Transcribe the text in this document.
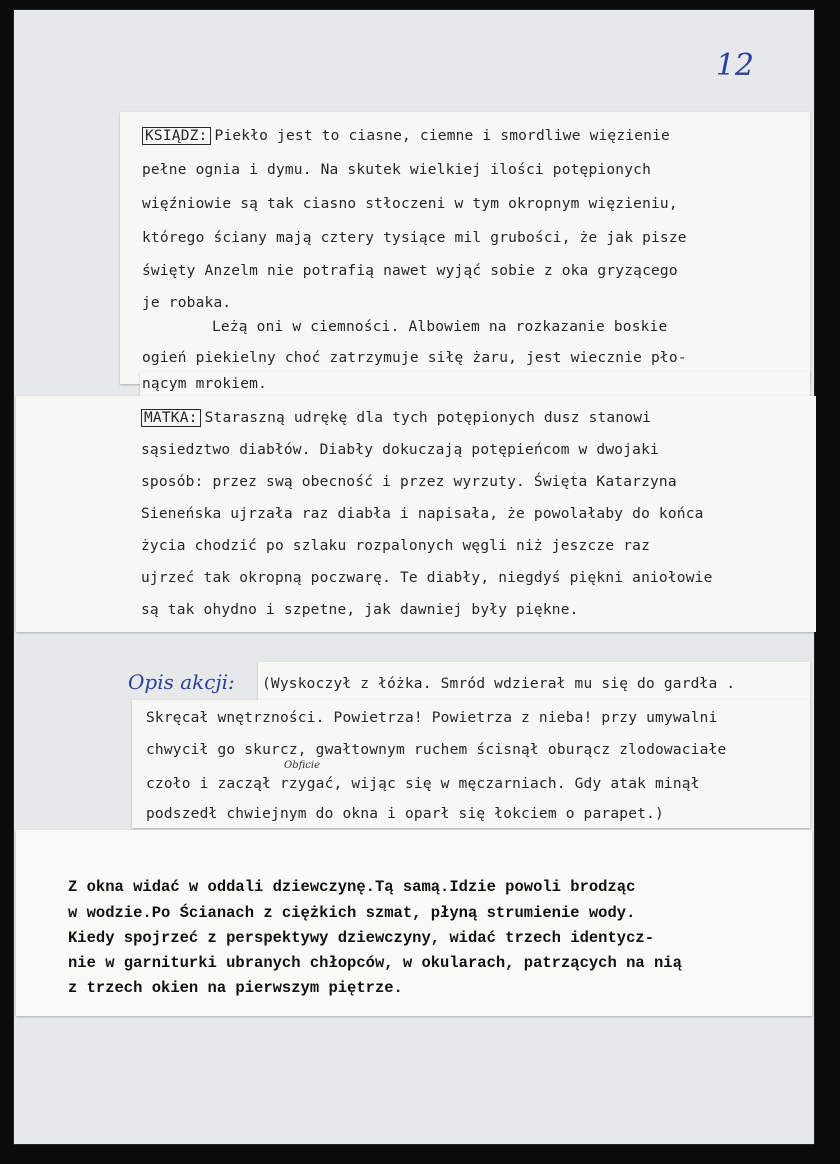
12
KSIĄDZ: Piekło jest to ciasne, ciemne i smordliwe więzienie
pełne ognia i dymu. Na skutek wielkiej ilości potępionych
więźniowie są tak ciasno stłoczeni w tym okropnym więzieniu,
którego ściany mają cztery tysiące mil grubości, że jak pisze
święty Anzelm nie potrafią nawet wyjąć sobie z oka gryzącego
je robaka.
Leżą oni w ciemności. Albowiem na rozkazanie boskie
ogień piekielny choć zatrzymuje siłę żaru, jest wiecznie pło-
nącym mrokiem.
MATKA: Staraszną udrękę dla tych potępionych dusz stanowi
sąsiedztwo diabłów. Diabły dokuczają potępieńcom w dwojaki
sposób: przez swą obecność i przez wyrzuty. Święta Katarzyna
Sieneńska ujrzała raz diabła i napisała, że powolałaby do końca
życia chodzić po szlaku rozpalonych węgli niż jeszcze raz
ujrzeć tak okropną poczwarę. Te diabły, niegdyś piękni aniołowie
są tak ohydno i szpetne, jak dawniej były piękne.
Opis akcji: (Wyskoczył z łóżka. Smród wdzierał mu się do gardła .
Skręcał wnętrzności. Powietrza! Powietrza z nieba! przy umywalni
chwycił go skurcz, gwałtownym ruchem ścisnął oburącz zlodowaciałe
czoło i zaczął rzygać, wijąc się w męczarniach. Gdy atak minął
podszedł chwiejnym do okna i oparł się łokciem o parapet.)
Obficie
Z okna widać w oddali dziewczynę.Tą samą.Idzie powoli brodząc
w wodzie.Po Ścianach z ciężkich szmat, płyną strumienie wody.
Kiedy spojrzeć z perspektywy dziewczyny, widać trzech identycz-
nie w garniturki ubranych chłopców, w okularach, patrzących na nią
z trzech okien na pierwszym piętrze.
